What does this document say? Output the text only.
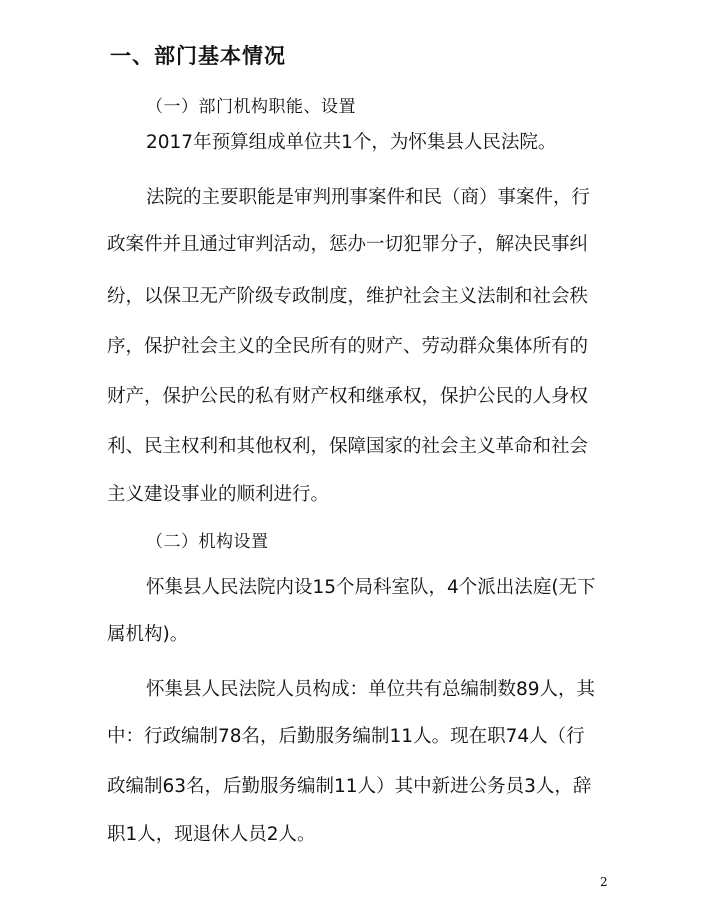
一、部门基本情况
（一）部门机构职能、设置
2017年预算组成单位共1个，为怀集县人民法院。
法院的主要职能是审判刑事案件和民（商）事案件，行
政案件并且通过审判活动，惩办一切犯罪分子，解决民事纠
纷，以保卫无产阶级专政制度，维护社会主义法制和社会秩
序，保护社会主义的全民所有的财产、劳动群众集体所有的
财产，保护公民的私有财产权和继承权，保护公民的人身权
利、民主权利和其他权利，保障国家的社会主义革命和社会
主义建设事业的顺利进行。
（二）机构设置
怀集县人民法院内设15个局科室队，4个派出法庭(无下
属机构)。
怀集县人民法院人员构成：单位共有总编制数89人，其
中：行政编制78名，后勤服务编制11人。现在职74人（行
政编制63名，后勤服务编制11人）其中新进公务员3人，辞
职1人，现退休人员2人。
2
